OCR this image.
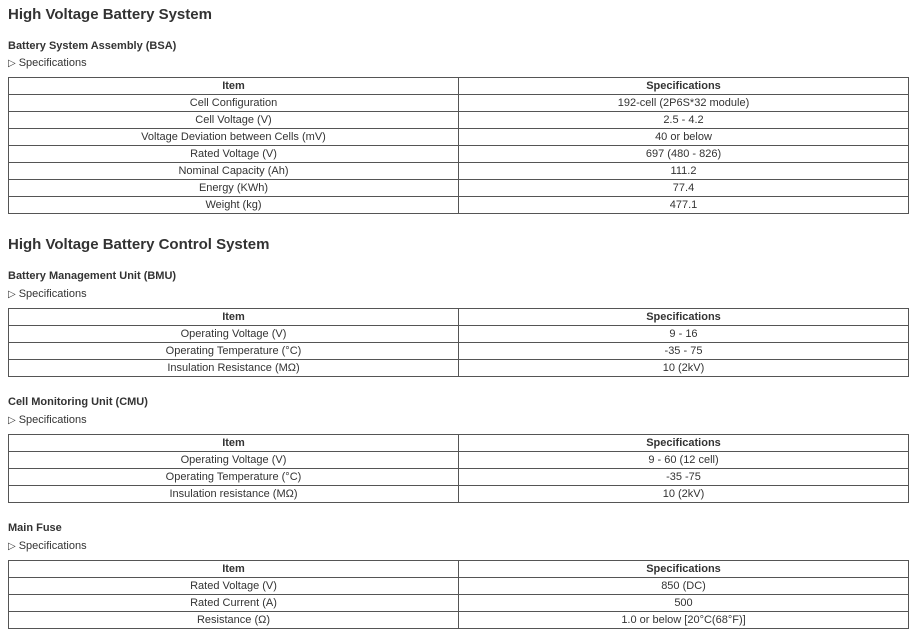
High Voltage Battery System
Battery System Assembly (BSA)
▷ Specifications
Item	Specifications
Cell Configuration	192-cell (2P6S*32 module)
Cell Voltage (V)	2.5 - 4.2
Voltage Deviation between Cells (mV)	40 or below
Rated Voltage (V)	697 (480 - 826)
Nominal Capacity (Ah)	111.2
Energy (KWh)	77.4
Weight (kg)	477.1
High Voltage Battery Control System
Battery Management Unit (BMU)
▷ Specifications
Item	Specifications
Operating Voltage (V)	9 - 16
Operating Temperature (°C)	-35 - 75
Insulation Resistance (MΩ)	10 (2kV)
Cell Monitoring Unit (CMU)
▷ Specifications
Item	Specifications
Operating Voltage (V)	9 - 60 (12 cell)
Operating Temperature (°C)	-35 -75
Insulation resistance (MΩ)	10 (2kV)
Main Fuse
▷ Specifications
Item	Specifications
Rated Voltage (V)	850 (DC)
Rated Current (A)	500
Resistance (Ω)	1.0 or below [20°C(68°F)]
